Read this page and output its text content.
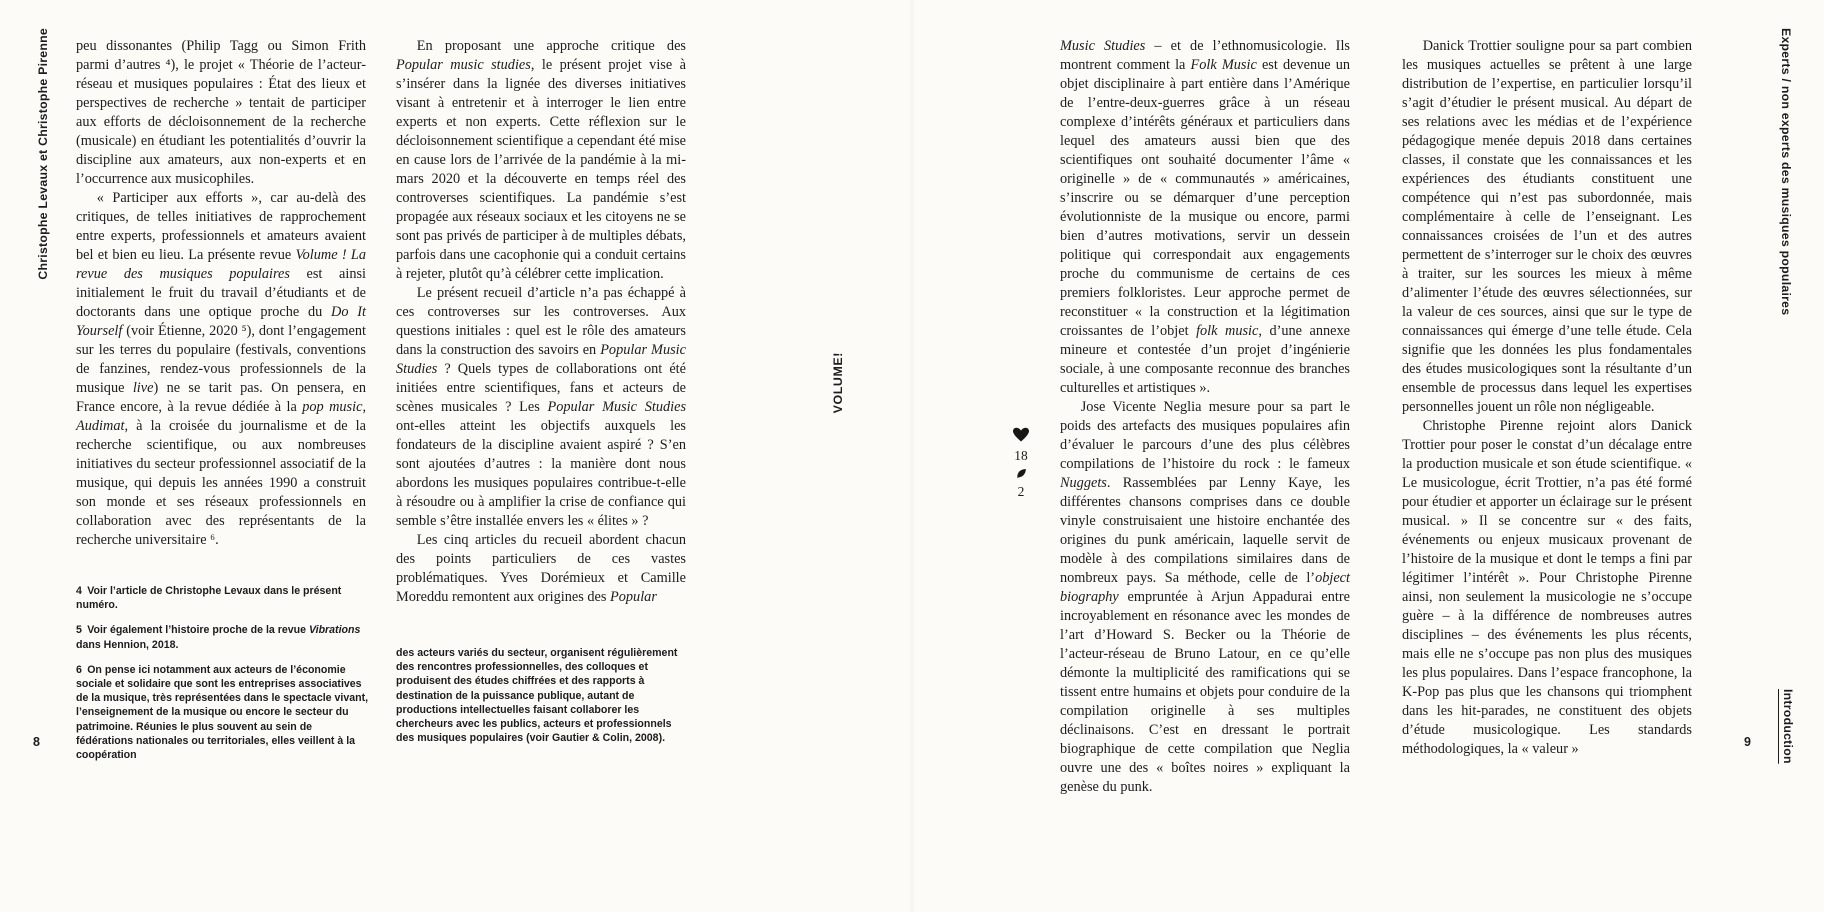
Christophe Levaux et Christophe Pirenne peu dissonantes (Philip Tagg ou Simon Frith parmi d’autres ⁴), le projet « Théorie de l’acteur-réseau et musiques populaires : État des lieux et perspectives de recherche » tentait de participer aux efforts de décloisonnement de la recherche (musicale) en étudiant les potentialités d’ouvrir la discipline aux amateurs, aux non-experts et en l’occurrence aux musicophiles.

« Participer aux efforts », car au-delà des critiques, de telles initiatives de rapprochement entre experts, professionnels et amateurs avaient bel et bien eu lieu. La présente revue Volume ! La revue des musiques populaires est ainsi initialement le fruit du travail d’étudiants et de doctorants dans une optique proche du Do It Yourself (voir Étienne, 2020 ⁵), dont l’engagement sur les terres du populaire (festivals, conventions de fanzines, rendez-vous professionnels de la musique live) ne se tarit pas. On pensera, en France encore, à la revue dédiée à la pop music, Audimat, à la croisée du journalisme et de la recherche scientifique, ou aux nombreuses initiatives du secteur professionnel associatif de la musique, qui depuis les années 1990 a construit son monde et ses réseaux professionnels en collaboration avec des représentants de la recherche universitaire ⁶.

4 Voir l’article de Christophe Levaux dans le présent numéro.

5 Voir également l’histoire proche de la revue Vibrations dans Hennion, 2018.

6 On pense ici notamment aux acteurs de l’économie sociale et solidaire que sont les entreprises associatives de la musique, très représentées dans le spectacle vivant, l’enseignement de la musique ou encore le secteur du patrimoine. Réunies le plus souvent au sein de fédérations nationales ou territoriales, elles veillent à la coopération

En proposant une approche critique des Popular music studies, le présent projet vise à s’insérer dans la lignée des diverses initiatives visant à entretenir et à interroger le lien entre experts et non experts. Cette réflexion sur le décloisonnement scientifique a cependant été mise en cause lors de l’arrivée de la pandémie à la mi-mars 2020 et la découverte en temps réel des controverses scientifiques. La pandémie s’est propagée aux réseaux sociaux et les citoyens ne se sont pas privés de participer à de multiples débats, parfois dans une cacophonie qui a conduit certains à rejeter, plutôt qu’à célébrer cette implication.

Le présent recueil d’article n’a pas échappé à ces controverses sur les controverses. Aux questions initiales : quel est le rôle des amateurs dans la construction des savoirs en Popular Music Studies ? Quels types de collaborations ont été initiées entre scientifiques, fans et acteurs de scènes musicales ? Les Popular Music Studies ont-elles atteint les objectifs auxquels les fondateurs de la discipline avaient aspiré ? S’en sont ajoutées d’autres : la manière dont nous abordons les musiques populaires contribue-t-elle à résoudre ou à amplifier la crise de confiance qui semble s’être installée envers les « élites » ?

Les cinq articles du recueil abordent chacun des points particuliers de ces vastes problématiques. Yves Dorémieux et Camille Moreddu remontent aux origines des Popular

des acteurs variés du secteur, organisent régulièrement des rencontres professionnelles, des colloques et produisent des études chiffrées et des rapports à destination de la puissance publique, autant de productions intellectuelles faisant collaborer les chercheurs avec les publics, acteurs et professionnels des musiques populaires (voir Gautier & Colin, 2008).

8
VOLUME!
18
2

Music Studies – et de l’ethnomusicologie. Ils montrent comment la Folk Music est devenue un objet disciplinaire à part entière dans l’Amérique de l’entre-deux-guerres grâce à un réseau complexe d’intérêts généraux et particuliers dans lequel des amateurs aussi bien que des scientifiques ont souhaité documenter l’âme « originelle » de « communautés » américaines, s’inscrire ou se démarquer d’une perception évolutionniste de la musique ou encore, parmi bien d’autres motivations, servir un dessein politique qui correspondait aux engagements proche du communisme de certains de ces premiers folkloristes. Leur approche permet de reconstituer « la construction et la légitimation croissantes de l’objet folk music, d’une annexe mineure et contestée d’un projet d’ingénierie sociale, à une composante reconnue des branches culturelles et artistiques ».

Jose Vicente Neglia mesure pour sa part le poids des artefacts des musiques populaires afin d’évaluer le parcours d’une des plus célèbres compilations de l’histoire du rock : le fameux Nuggets. Rassemblées par Lenny Kaye, les différentes chansons comprises dans ce double vinyle construisaient une histoire enchantée des origines du punk américain, laquelle servit de modèle à des compilations similaires dans de nombreux pays. Sa méthode, celle de l’object biography empruntée à Arjun Appadurai entre incroyablement en résonance avec les mondes de l’art d’Howard S. Becker ou la Théorie de l’acteur-réseau de Bruno Latour, en ce qu’elle démonte la multiplicité des ramifications qui se tissent entre humains et objets pour conduire de la compilation originelle à ses multiples déclinaisons. C’est en dressant le portrait biographique de cette compilation que Neglia ouvre une des « boîtes noires » expliquant la genèse du punk.

Danick Trottier souligne pour sa part combien les musiques actuelles se prêtent à une large distribution de l’expertise, en particulier lorsqu’il s’agit d’étudier le présent musical. Au départ de ses relations avec les médias et de l’expérience pédagogique menée depuis 2018 dans certaines classes, il constate que les connaissances et les expériences des étudiants constituent une compétence qui n’est pas subordonnée, mais complémentaire à celle de l’enseignant. Les connaissances croisées de l’un et des autres permettent de s’interroger sur le choix des œuvres à traiter, sur les sources les mieux à même d’alimenter l’étude des œuvres sélectionnées, sur la valeur de ces sources, ainsi que sur le type de connaissances qui émerge d’une telle étude. Cela signifie que les données les plus fondamentales des études musicologiques sont la résultante d’un ensemble de processus dans lequel les expertises personnelles jouent un rôle non négligeable.

Christophe Pirenne rejoint alors Danick Trottier pour poser le constat d’un décalage entre la production musicale et son étude scientifique. « Le musicologue, écrit Trottier, n’a pas été formé pour étudier et apporter un éclairage sur le présent musical. » Il se concentre sur « des faits, événements ou enjeux musicaux provenant de l’histoire de la musique et dont le temps a fini par légitimer l’intérêt ». Pour Christophe Pirenne ainsi, non seulement la musicologie ne s’occupe guère – à la différence de nombreuses autres disciplines – des événements les plus récents, mais elle ne s’occupe pas non plus des musiques les plus populaires. Dans l’espace francophone, la K-Pop pas plus que les chansons qui triomphent dans les hit-parades, ne constituent des objets d’étude musicologique. Les standards méthodologiques, la « valeur »

Experts / non experts des musiques populaires
Introduction
9
